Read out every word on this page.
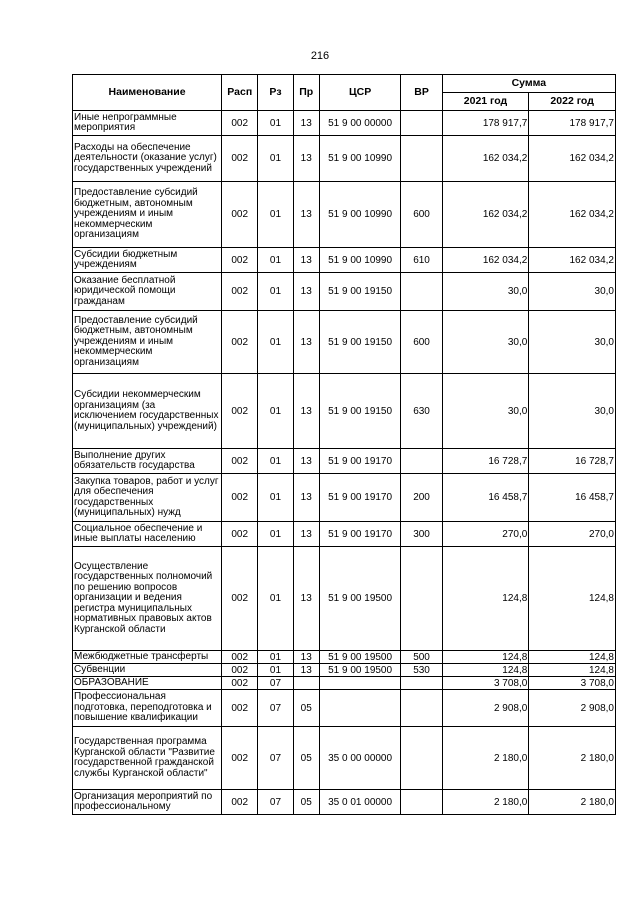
216
Наименование	Расп	Рз	Пр	ЦСР	ВР	Сумма	
						2021 год	2022 год
Иные непрограммные мероприятия	002	01	13	51 9 00 00000		178 917,7	178 917,7
Расходы на обеспечение деятельности (оказание услуг) государственных учреждений	002	01	13	51 9 00 10990		162 034,2	162 034,2
Предоставление субсидий бюджетным, автономным учреждениям и иным некоммерческим организациям	002	01	13	51 9 00 10990	600	162 034,2	162 034,2
Субсидии бюджетным учреждениям	002	01	13	51 9 00 10990	610	162 034,2	162 034,2
Оказание бесплатной юридической помощи гражданам	002	01	13	51 9 00 19150		30,0	30,0
Предоставление субсидий бюджетным, автономным учреждениям и иным некоммерческим организациям	002	01	13	51 9 00 19150	600	30,0	30,0
Субсидии некоммерческим организациям (за исключением государственных (муниципальных) учреждений)	002	01	13	51 9 00 19150	630	30,0	30,0
Выполнение других обязательств государства	002	01	13	51 9 00 19170		16 728,7	16 728,7
Закупка товаров, работ и услуг для обеспечения государственных (муниципальных) нужд	002	01	13	51 9 00 19170	200	16 458,7	16 458,7
Социальное обеспечение и иные выплаты населению	002	01	13	51 9 00 19170	300	270,0	270,0
Осуществление государственных полномочий по решению вопросов организации и ведения регистра муниципальных нормативных правовых актов Курганской области	002	01	13	51 9 00 19500		124,8	124,8
Межбюджетные трансферты	002	01	13	51 9 00 19500	500	124,8	124,8
Субвенции	002	01	13	51 9 00 19500	530	124,8	124,8
ОБРАЗОВАНИЕ	002	07				3 708,0	3 708,0
Профессиональная подготовка, переподготовка и повышение квалификации	002	07	05			2 908,0	2 908,0
Государственная программа Курганской области "Развитие государственной гражданской службы Курганской области"	002	07	05	35 0 00 00000		2 180,0	2 180,0
Организация мероприятий по профессиональному	002	07	05	35 0 01 00000		2 180,0	2 180,0
